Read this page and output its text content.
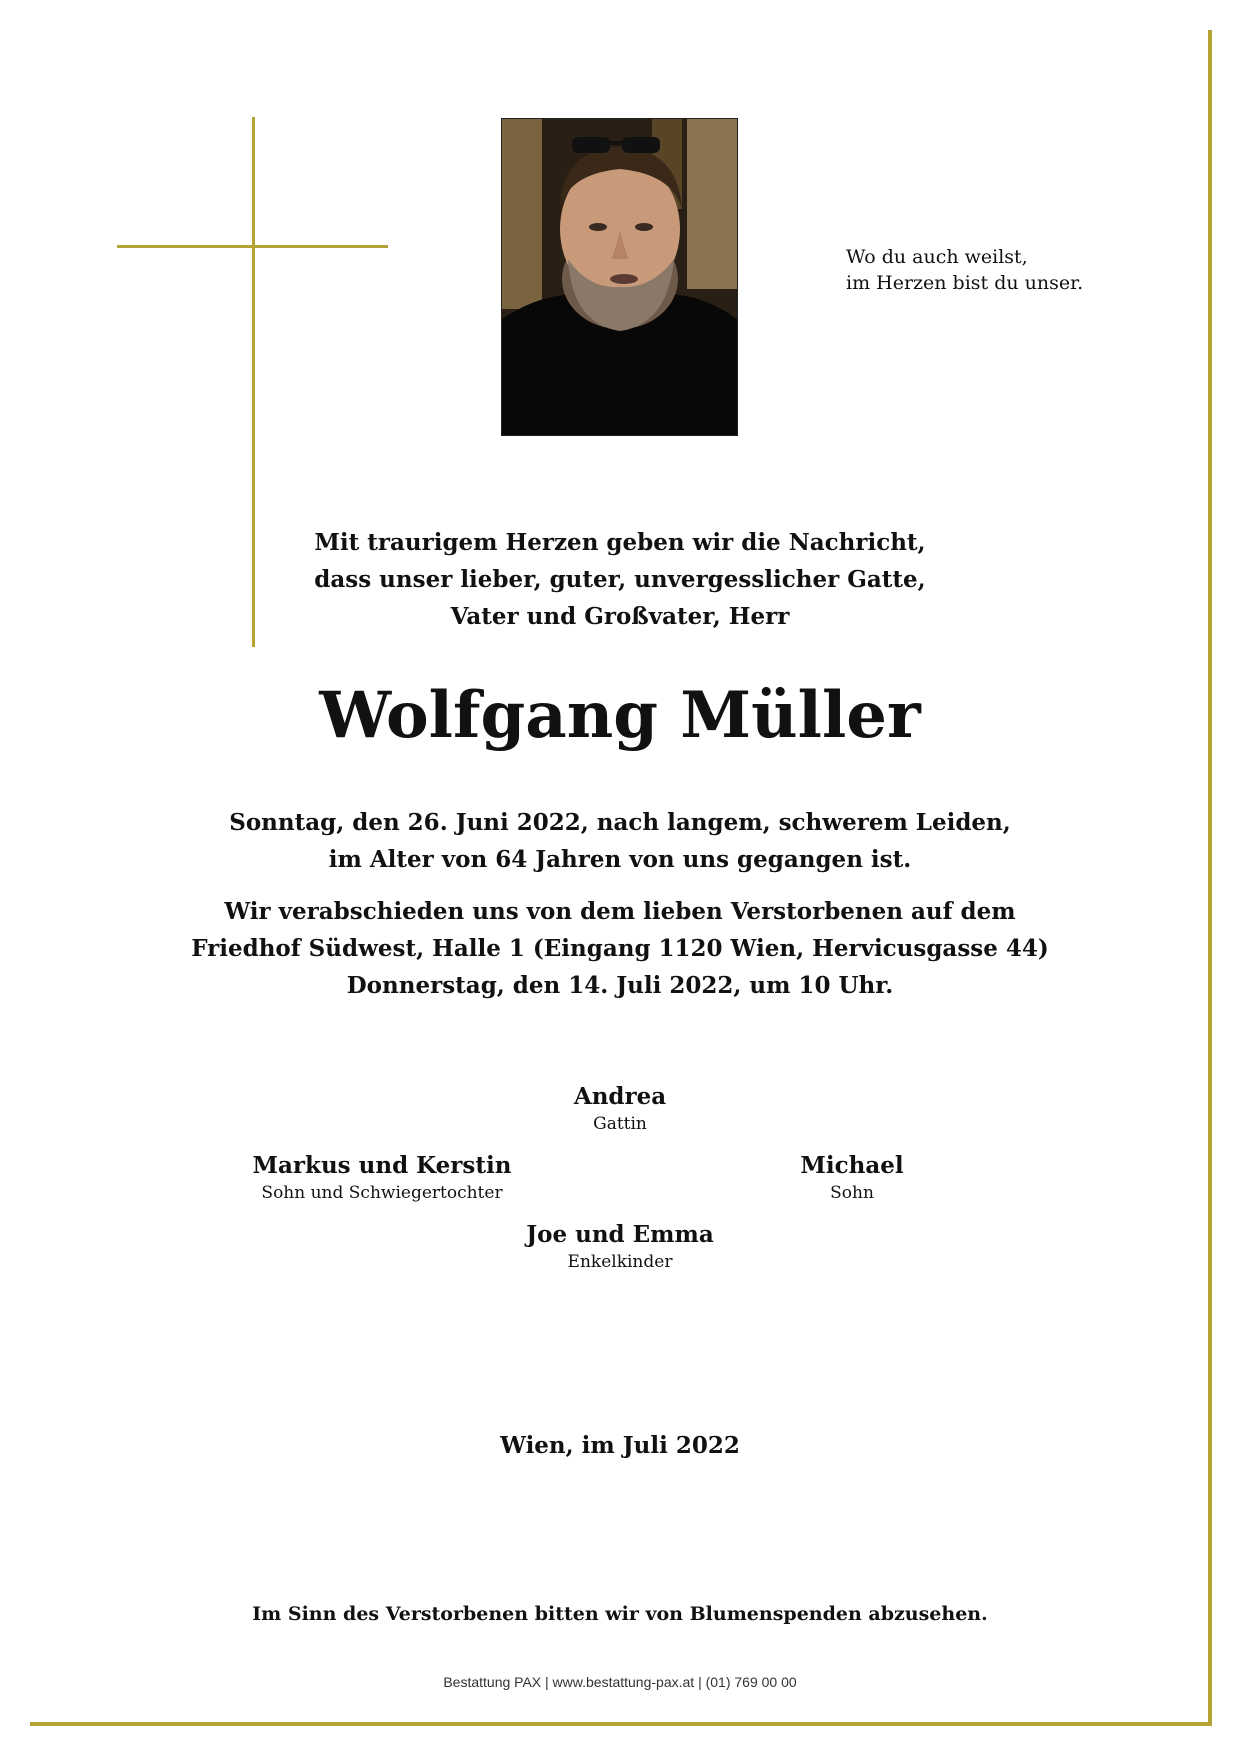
Wo du auch weilst,
im Herzen bist du unser.
Mit traurigem Herzen geben wir die Nachricht,
dass unser lieber, guter, unvergesslicher Gatte,
Vater und Großvater, Herr
Wolfgang Müller
Sonntag, den 26. Juni 2022, nach langem, schwerem Leiden,
im Alter von 64 Jahren von uns gegangen ist.
Wir verabschieden uns von dem lieben Verstorbenen auf dem
Friedhof Südwest, Halle 1 (Eingang 1120 Wien, Hervicusgasse 44)
Donnerstag, den 14. Juli 2022, um 10 Uhr.
Andrea
Gattin
Markus und Kerstin
Sohn und Schwiegertochter
Michael
Sohn
Joe und Emma
Enkelkinder
Wien, im Juli 2022
Im Sinn des Verstorbenen bitten wir von Blumenspenden abzusehen.
Bestattung PAX | www.bestattung-pax.at | (01) 769 00 00
